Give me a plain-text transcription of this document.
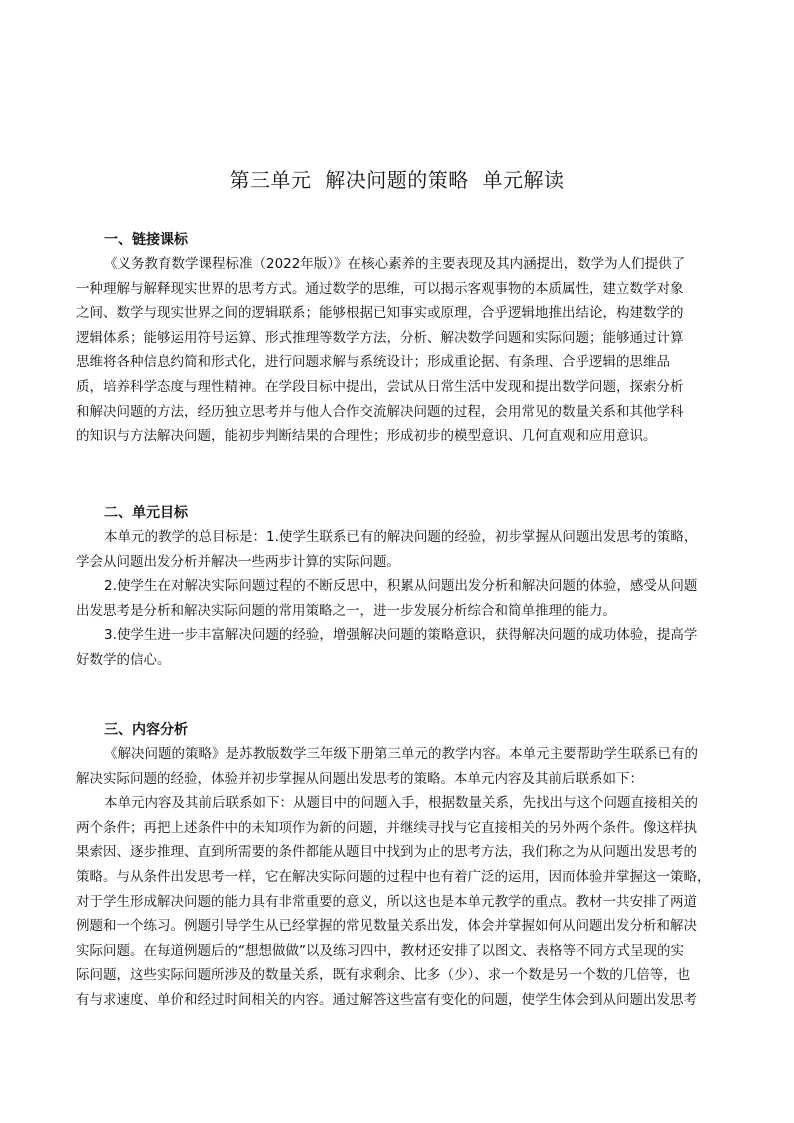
第三单元  解决问题的策略  单元解读
一、链接课标
《义务教育数学课程标准（2022年版）》在核心素养的主要表现及其内涵提出，数学为人们提供了
一种理解与解释现实世界的思考方式。通过数学的思维，可以揭示客观事物的本质属性，建立数学对象
之间、数学与现实世界之间的逻辑联系；能够根据已知事实或原理，合乎逻辑地推出结论，构建数学的
逻辑体系；能够运用符号运算、形式推理等数学方法，分析、解决数学问题和实际问题；能够通过计算
思维将各种信息约简和形式化，进行问题求解与系统设计；形成重论据、有条理、合乎逻辑的思维品
质，培养科学态度与理性精神。在学段目标中提出，尝试从日常生活中发现和提出数学问题，探索分析
和解决问题的方法，经历独立思考并与他人合作交流解决问题的过程，会用常见的数量关系和其他学科
的知识与方法解决问题，能初步判断结果的合理性；形成初步的模型意识、几何直观和应用意识。
二、单元目标
本单元的教学的总目标是：1.使学生联系已有的解决问题的经验，初步掌握从问题出发思考的策略，
学会从问题出发分析并解决一些两步计算的实际问题。
2.使学生在对解决实际问题过程的不断反思中，积累从问题出发分析和解决问题的体验，感受从问题
出发思考是分析和解决实际问题的常用策略之一，进一步发展分析综合和简单推理的能力。
3.使学生进一步丰富解决问题的经验，增强解决问题的策略意识，获得解决问题的成功体验，提高学
好数学的信心。
三、内容分析
《解决问题的策略》是苏教版数学三年级下册第三单元的教学内容。本单元主要帮助学生联系已有的
解决实际问题的经验，体验并初步掌握从问题出发思考的策略。本单元内容及其前后联系如下：
本单元内容及其前后联系如下：从题目中的问题入手，根据数量关系，先找出与这个问题直接相关的
两个条件；再把上述条件中的未知项作为新的问题，并继续寻找与它直接相关的另外两个条件。像这样执
果索因、逐步推理、直到所需要的条件都能从题目中找到为止的思考方法，我们称之为从问题出发思考的
策略。与从条件出发思考一样，它在解决实际问题的过程中也有着广泛的运用，因而体验并掌握这一策略，
对于学生形成解决问题的能力具有非常重要的意义，所以这也是本单元教学的重点。教材一共安排了两道
例题和一个练习。例题引导学生从已经掌握的常见数量关系出发，体会并掌握如何从问题出发分析和解决
实际问题。在每道例题后的“想想做做”以及练习四中，教材还安排了以图文、表格等不同方式呈现的实
际问题，这些实际问题所涉及的数量关系，既有求剩余、比多（少）、求一个数是另一个数的几倍等，也
有与求速度、单价和经过时间相关的内容。通过解答这些富有变化的问题，使学生体会到从问题出发思考
